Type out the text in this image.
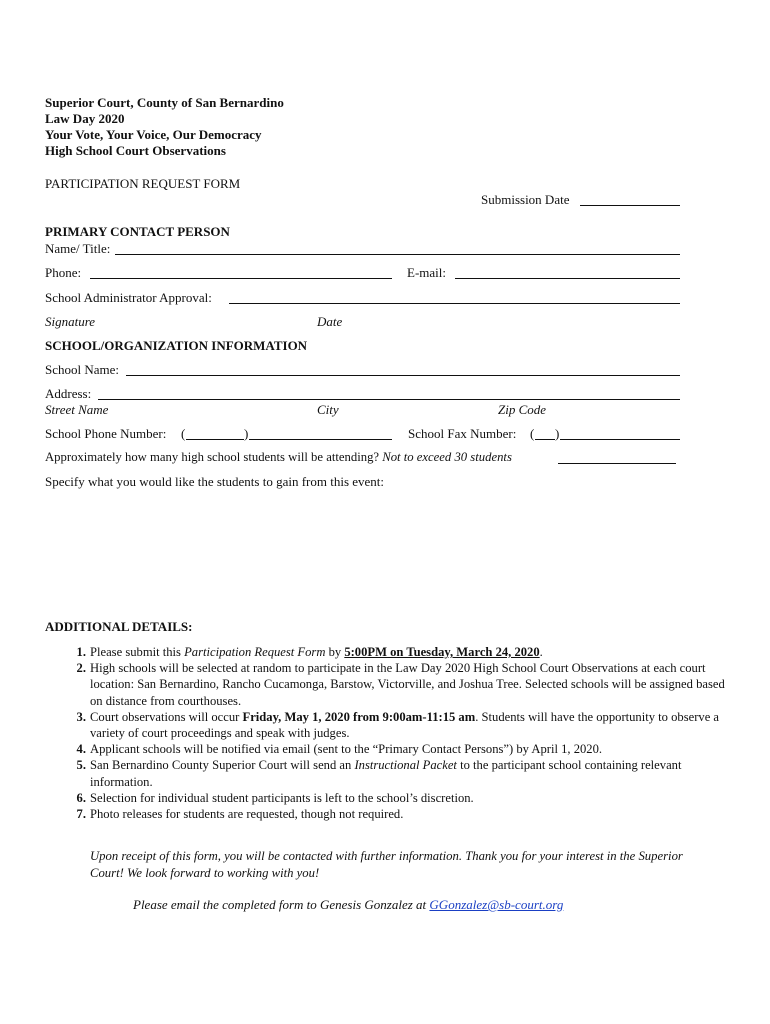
Superior Court, County of San Bernardino
Law Day 2020
Your Vote, Your Voice, Our Democracy
High School Court Observations
PARTICIPATION REQUEST FORM
Submission Date
PRIMARY CONTACT PERSON
Name/ Title:
Phone:	E-mail:
School Administrator Approval:
Signature	Date
SCHOOL/ORGANIZATION INFORMATION
School Name:
Address:
Street Name	City	Zip Code
School Phone Number: (	)	School Fax Number: ( )
Approximately how many high school students will be attending? Not to exceed 30 students
Specify what you would like the students to gain from this event:
ADDITIONAL DETAILS:
1. Please submit this Participation Request Form by 5:00PM on Tuesday, March 24, 2020.
2. High schools will be selected at random to participate in the Law Day 2020 High School Court Observations at each court location: San Bernardino, Rancho Cucamonga, Barstow, Victorville, and Joshua Tree. Selected schools will be assigned based on distance from courthouses.
3. Court observations will occur Friday, May 1, 2020 from 9:00am-11:15 am. Students will have the opportunity to observe a variety of court proceedings and speak with judges.
4. Applicant schools will be notified via email (sent to the “Primary Contact Persons”) by April 1, 2020.
5. San Bernardino County Superior Court will send an Instructional Packet to the participant school containing relevant information.
6. Selection for individual student participants is left to the school’s discretion.
7. Photo releases for students are requested, though not required.
Upon receipt of this form, you will be contacted with further information. Thank you for your interest in the Superior Court! We look forward to working with you!
Please email the completed form to Genesis Gonzalez at GGonzalez@sb-court.org
